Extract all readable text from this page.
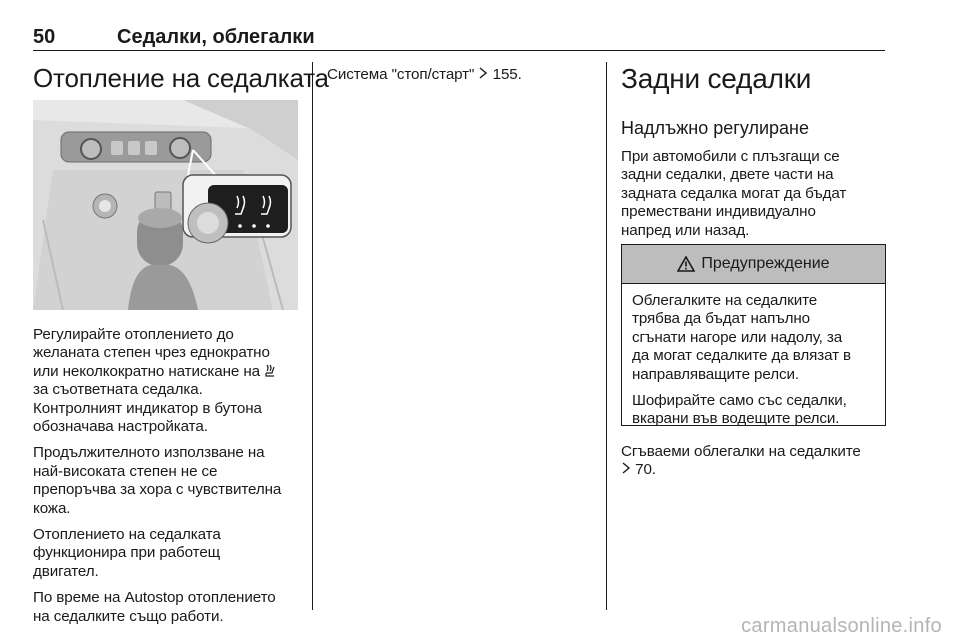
50	Седалки, облегалки
Отопление на седалката

Регулирайте отоплението до
желаната степен чрез еднократно
или неколкократно натискане на
за съответната седалка.
Контролният индикатор в бутона
обозначава настройката.

Продължителното използване на
най-високата степен не се
препоръчва за хора с чувствителна
кожа.

Отоплението на седалката
функционира при работещ
двигател.

По време на Autostop отоплението
на седалките също работи.

Система "стоп/старт" 155.	Задни седалки
Надлъжно регулиране

При автомобили с плъзгащи се
задни седалки, двете части на
задната седалка могат да бъдат
премествани индивидуално
напред или назад.

Предупреждение

Облегалките на седалките
трябва да бъдат напълно
сгънати нагоре или надолу, за
да могат седалките да влязат в
направляващите релси.

Шофирайте само със седалки,
вкарани във водещите релси.

Сгъваеми облегалки на седалките
70.

carmanualsonline.info
